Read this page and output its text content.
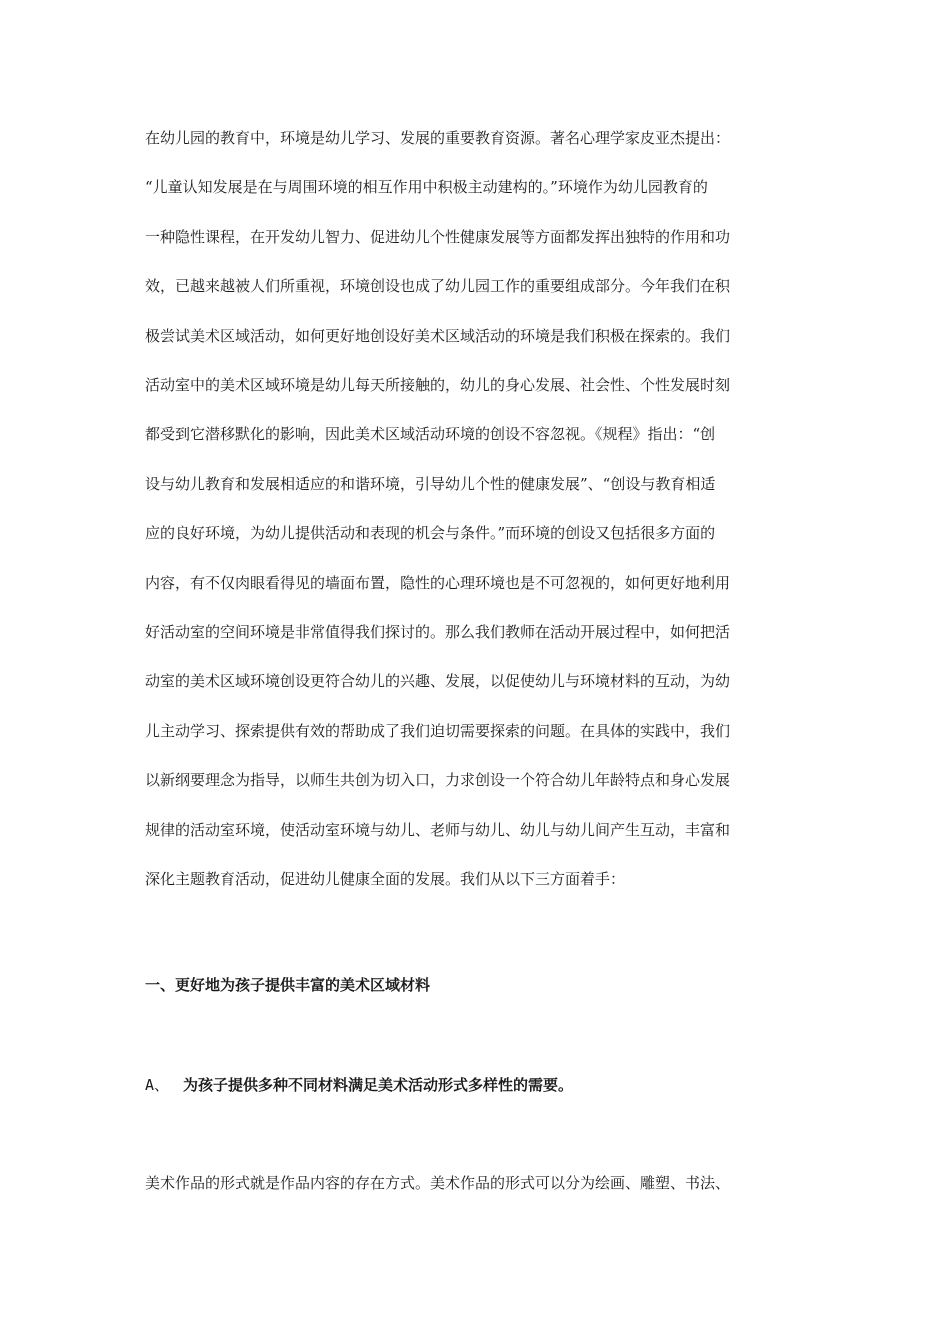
在幼儿园的教育中，环境是幼儿学习、发展的重要教育资源。著名心理学家皮亚杰提出：
“儿童认知发展是在与周围环境的相互作用中积极主动建构的。”环境作为幼儿园教育的
一种隐性课程，在开发幼儿智力、促进幼儿个性健康发展等方面都发挥出独特的作用和功
效，已越来越被人们所重视，环境创设也成了幼儿园工作的重要组成部分。今年我们在积
极尝试美术区域活动，如何更好地创设好美术区域活动的环境是我们积极在探索的。我们
活动室中的美术区域环境是幼儿每天所接触的，幼儿的身心发展、社会性、个性发展时刻
都受到它潜移默化的影响，因此美术区域活动环境的创设不容忽视。《规程》指出：“创
设与幼儿教育和发展相适应的和谐环境，引导幼儿个性的健康发展”、“创设与教育相适
应的良好环境，为幼儿提供活动和表现的机会与条件。”而环境的创设又包括很多方面的
内容，有不仅肉眼看得见的墙面布置，隐性的心理环境也是不可忽视的，如何更好地利用
好活动室的空间环境是非常值得我们探讨的。那么我们教师在活动开展过程中，如何把活
动室的美术区域环境创设更符合幼儿的兴趣、发展，以促使幼儿与环境材料的互动，为幼
儿主动学习、探索提供有效的帮助成了我们迫切需要探索的问题。在具体的实践中，我们
以新纲要理念为指导，以师生共创为切入口，力求创设一个符合幼儿年龄特点和身心发展
规律的活动室环境，使活动室环境与幼儿、老师与幼儿、幼儿与幼儿间产生互动，丰富和
深化主题教育活动，促进幼儿健康全面的发展。我们从以下三方面着手：
一、更好地为孩子提供丰富的美术区域材料
A、 为孩子提供多种不同材料满足美术活动形式多样性的需要。
美术作品的形式就是作品内容的存在方式。美术作品的形式可以分为绘画、雕塑、书法、
